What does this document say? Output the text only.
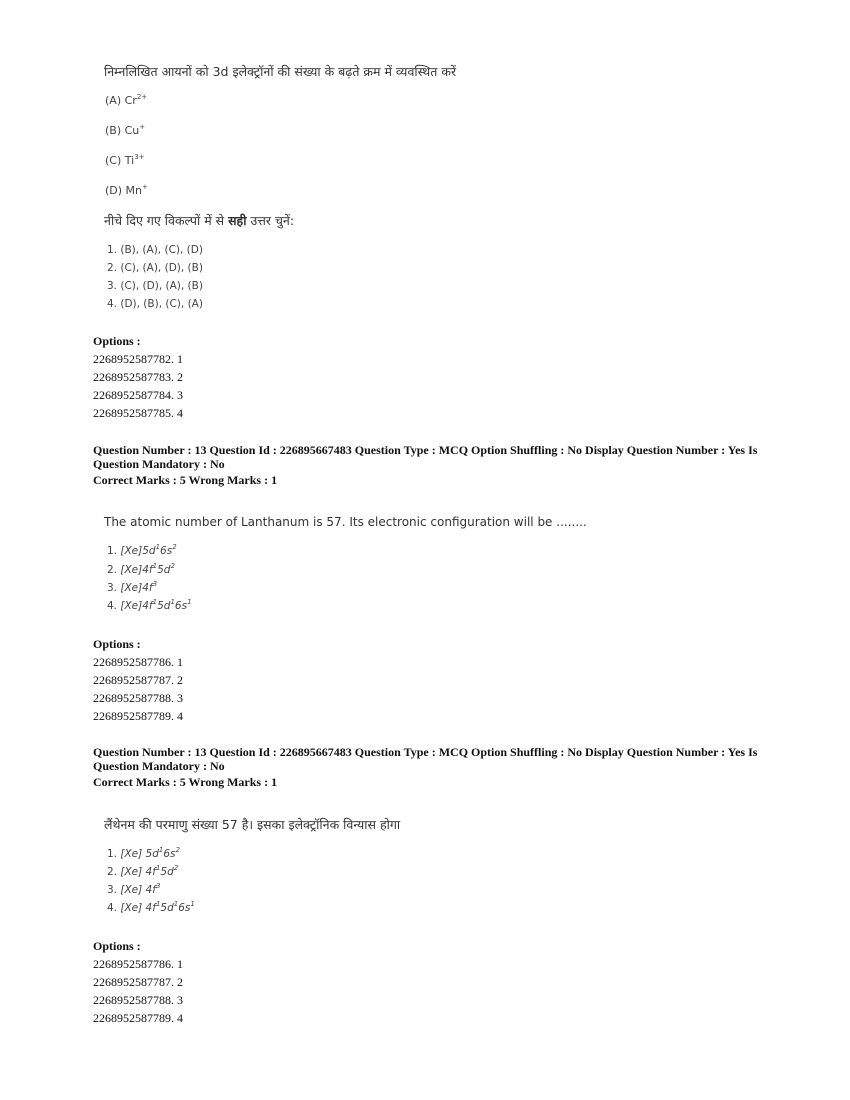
निम्नलिखित आयनों को 3d इलेक्ट्रॉनों की संख्या के बढ़ते क्रम में व्यवस्थित करें
(A) $Cr^{2+}$
(B) Cu+
(C) $Ti^{3+}$
(D) Mn+
नीचे दिए गए विकल्पों में से सही उत्तर चुनें:
1. (B), (A), (C), (D)
2. (C), (A), (D), (B)
3. (C), (D), (A), (B)
4. (D), (B), (C), (A)
Options :
2268952587782. 1
2268952587783. 2
2268952587784. 3
2268952587785. 4
Question Number : 13 Question Id : 226895667483 Question Type : MCQ Option Shuffling : No Display Question Number : Yes Is Question Mandatory : No
Correct Marks : 5 Wrong Marks : 1
The atomic number of Lanthanum is 57. Its electronic configuration will be ........
1. $[Xe]5d^16s^2$
2. $[Xe]4f^15d^2$
3. $[Xe]4f^3$
4. $[Xe]4f^15d^16s^1$
Options :
2268952587786. 1
2268952587787. 2
2268952587788. 3
2268952587789. 4
Question Number : 13 Question Id : 226895667483 Question Type : MCQ Option Shuffling : No Display Question Number : Yes Is Question Mandatory : No
Correct Marks : 5 Wrong Marks : 1
लैंथेनम की परमाणु संख्या 57 है। इसका इलेक्ट्रॉनिक विन्यास होगा
1. [Xe] $5d^16s^2$
2. [Xe] $4f^15d^2$
3. [Xe] $4f^3$
4. [Xe] $4f^15d^16s^1$
Options :
2268952587786. 1
2268952587787. 2
2268952587788. 3
2268952587789. 4
